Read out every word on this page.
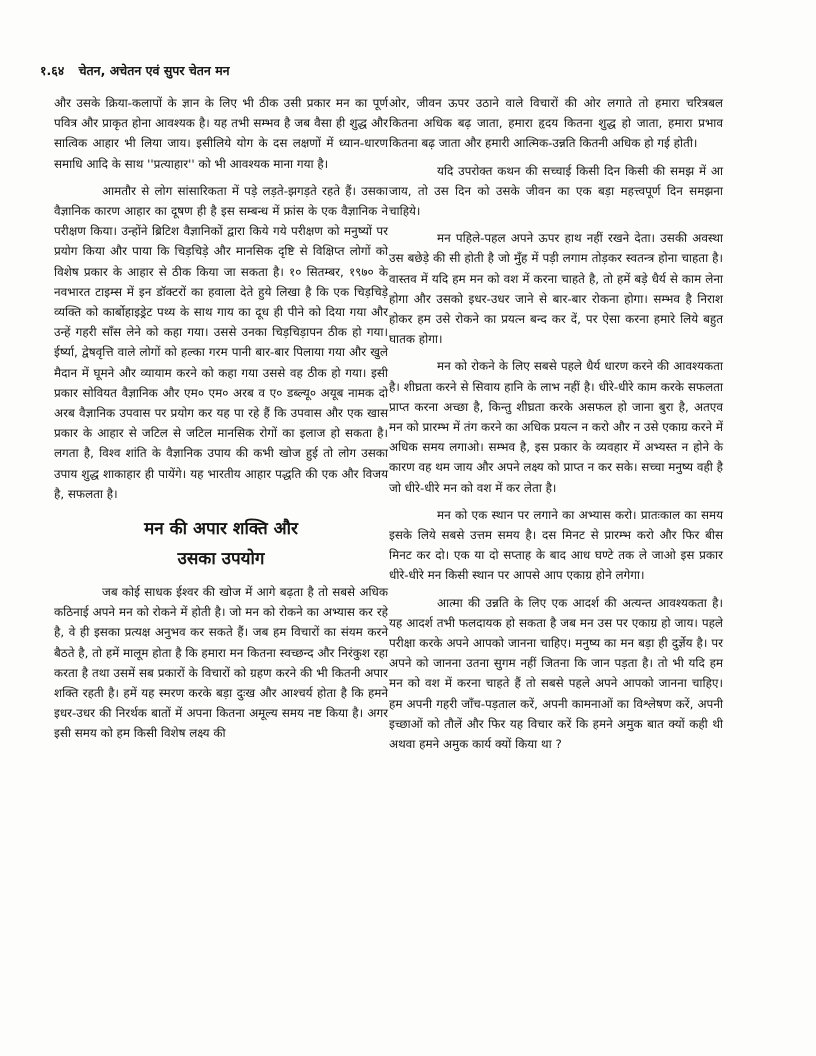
१.६४ चेतन, अचेतन एवं सुपर चेतन मन

और उसके क्रिया-कलापों के ज्ञान के लिए भी ठीक उसी प्रकार मन का पूर्ण पवित्र और प्राकृत होना आवश्यक है। यह तभी सम्भव है जब वैसा ही शुद्ध और सात्विक आहार भी लिया जाय। इसीलिये योग के दस लक्षणों में ध्यान-धारण समाधि आदि के साथ ''प्रत्याहार'' को भी आवश्यक माना गया है।

आमतौर से लोग सांसारिकता में पड़े लड़ते-झगड़ते रहते हैं। उसका वैज्ञानिक कारण आहार का दूषण ही है इस सम्बन्ध में फ्रांस के एक वैज्ञानिक ने परीक्षण किया। उन्होंने ब्रिटिश वैज्ञानिकों द्वारा किये गये परीक्षण को मनुष्यों पर प्रयोग किया और पाया कि चिड़चिड़े और मानसिक दृष्टि से विक्षिप्त लोगों को विशेष प्रकार के आहार से ठीक किया जा सकता है। १० सितम्बर, १९७० के नवभारत टाइम्स में इन डॉक्टरों का हवाला देते हुये लिखा है कि एक चिड़चिड़े व्यक्ति को कार्बोहाइड्रेट पथ्य के साथ गाय का दूध ही पीने को दिया गया और उन्हें गहरी साँस लेने को कहा गया। उससे उनका चिड़चिड़ापन ठीक हो गया। ईर्ष्या, द्वेषवृत्ति वाले लोगों को हल्का गरम पानी बार-बार पिलाया गया और खुले मैदान में घूमने और व्यायाम करने को कहा गया उससे वह ठीक हो गया। इसी प्रकार सोवियत वैज्ञानिक और एम० एम० अरब व ए० डब्ल्यू० अयूब नामक दो अरब वैज्ञानिक उपवास पर प्रयोग कर यह पा रहे हैं कि उपवास और एक खास प्रकार के आहार से जटिल से जटिल मानसिक रोगों का इलाज हो सकता है। लगता है, विश्व शांति के वैज्ञानिक उपाय की कभी खोज हुई तो लोग उसका उपाय शुद्ध शाकाहार ही पायेंगे। यह भारतीय आहार पद्धति की एक और विजय है, सफलता है।

मन की अपार शक्ति और
उसका उपयोग

जब कोई साधक ईश्वर की खोज में आगे बढ़ता है तो सबसे अधिक कठिनाई अपने मन को रोकने में होती है। जो मन को रोकने का अभ्यास कर रहे है, वे ही इसका प्रत्यक्ष अनुभव कर सकते हैं। जब हम विचारों का संयम करने बैठते है, तो हमें मालूम होता है कि हमारा मन कितना स्वच्छन्द और निरंकुश रहा करता है तथा उसमें सब प्रकारों के विचारों को ग्रहण करने की भी कितनी अपार शक्ति रहती है। हमें यह स्मरण करके बड़ा दुःख और आश्चर्य होता है कि हमने इधर-उधर की निरर्थक बातों में अपना कितना अमूल्य समय नष्ट किया है। अगर इसी समय को हम किसी विशेष लक्ष्य की

ओर, जीवन ऊपर उठाने वाले विचारों की ओर लगाते तो हमारा चरित्रबल कितना अधिक बढ़ जाता, हमारा हृदय कितना शुद्ध हो जाता, हमारा प्रभाव कितना बढ़ जाता और हमारी आत्मिक-उन्नति कितनी अधिक हो गई होती।

यदि उपरोक्त कथन की सच्चाई किसी दिन किसी की समझ में आ जाय, तो उस दिन को उसके जीवन का एक बड़ा महत्त्वपूर्ण दिन समझना चाहिये।

मन पहिले-पहल अपने ऊपर हाथ नहीं रखने देता। उसकी अवस्था उस बछेड़े की सी होती है जो मुँह में पड़ी लगाम तोड़कर स्वतन्त्र होना चाहता है। वास्तव में यदि हम मन को वश में करना चाहते है, तो हमें बड़े धैर्य से काम लेना होगा और उसको इधर-उधर जाने से बार-बार रोकना होगा। सम्भव है निराश होकर हम उसे रोकने का प्रयत्न बन्द कर दें, पर ऐसा करना हमारे लिये बहुत घातक होगा।

मन को रोकने के लिए सबसे पहले धैर्य धारण करने की आवश्यकता है। शीघ्रता करने से सिवाय हानि के लाभ नहीं है। धीरे-धीरे काम करके सफलता प्राप्त करना अच्छा है, किन्तु शीघ्रता करके असफल हो जाना बुरा है, अतएव मन को प्रारम्भ में तंग करने का अधिक प्रयत्न न करो और न उसे एकाग्र करने में अधिक समय लगाओ। सम्भव है, इस प्रकार के व्यवहार में अभ्यस्त न होने के कारण वह थम जाय और अपने लक्ष्य को प्राप्त न कर सके। सच्चा मनुष्य वही है जो धीरे-धीरे मन को वश में कर लेता है।

मन को एक स्थान पर लगाने का अभ्यास करो। प्रातःकाल का समय इसके लिये सबसे उत्तम समय है। दस मिनट से प्रारम्भ करो और फिर बीस मिनट कर दो। एक या दो सप्ताह के बाद आध घण्टे तक ले जाओ इस प्रकार धीरे-धीरे मन किसी स्थान पर आपसे आप एकाग्र होने लगेगा।

आत्मा की उन्नति के लिए एक आदर्श की अत्यन्त आवश्यकता है। यह आदर्श तभी फलदायक हो सकता है जब मन उस पर एकाग्र हो जाय। पहले परीक्षा करके अपने आपको जानना चाहिए। मनुष्य का मन बड़ा ही दुर्ज्ञेय है। पर अपने को जानना उतना सुगम नहीं जितना कि जान पड़ता है। तो भी यदि हम मन को वश में करना चाहते हैं तो सबसे पहले अपने आपको जानना चाहिए। हम अपनी गहरी जाँच-पड़ताल करें, अपनी कामनाओं का विश्लेषण करें, अपनी इच्छाओं को तौलें और फिर यह विचार करें कि हमने अमुक बात क्यों कही थी अथवा हमने अमुक कार्य क्यों किया था ?
